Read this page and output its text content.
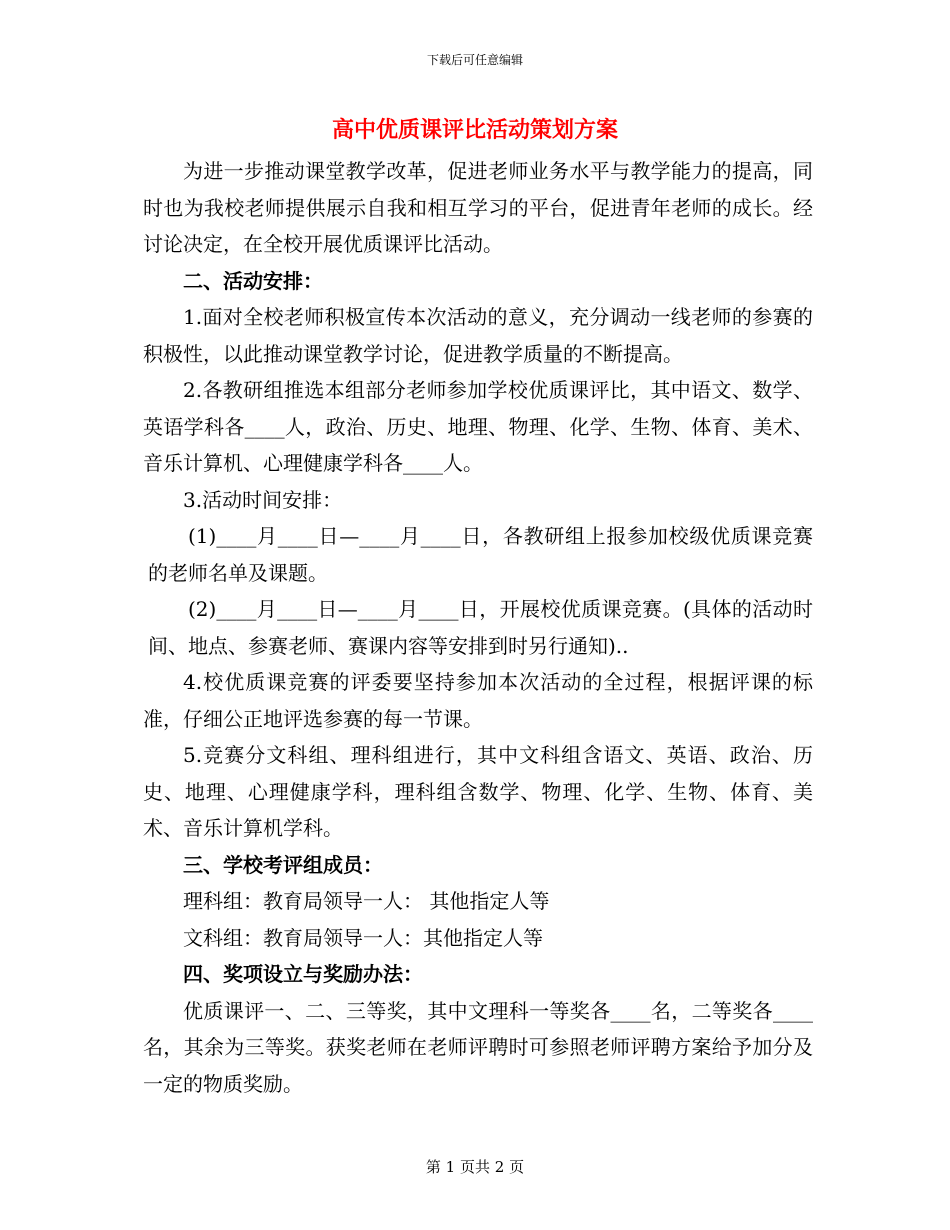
下载后可任意编辑
高中优质课评比活动策划方案

为进一步推动课堂教学改革，促进老师业务水平与教学能力的提高，同时也为我校老师提供展示自我和相互学习的平台，促进青年老师的成长。经讨论决定，在全校开展优质课评比活动。

二、活动安排：

1.面对全校老师积极宣传本次活动的意义，充分调动一线老师的参赛的积极性，以此推动课堂教学讨论，促进教学质量的不断提高。

2.各教研组推选本组部分老师参加学校优质课评比，其中语文、数学、英语学科各____人，政治、历史、地理、物理、化学、生物、体育、美术、音乐计算机、心理健康学科各____人。

3.活动时间安排：

(1)____月____日—____月____日，各教研组上报参加校级优质课竞赛的老师名单及课题。

(2)____月____日—____月____日，开展校优质课竞赛。(具体的活动时间、地点、参赛老师、赛课内容等安排到时另行通知)..

4.校优质课竞赛的评委要坚持参加本次活动的全过程，根据评课的标准，仔细公正地评选参赛的每一节课。

5.竞赛分文科组、理科组进行，其中文科组含语文、英语、政治、历史、地理、心理健康学科，理科组含数学、物理、化学、生物、体育、美术、音乐计算机学科。

三、学校考评组成员：

理科组：教育局领导一人： 其他指定人等

文科组：教育局领导一人：其他指定人等

四、奖项设立与奖励办法：

优质课评一、二、三等奖，其中文理科一等奖各____名，二等奖各____名，其余为三等奖。获奖老师在老师评聘时可参照老师评聘方案给予加分及一定的物质奖励。

第 1 页共 2 页
